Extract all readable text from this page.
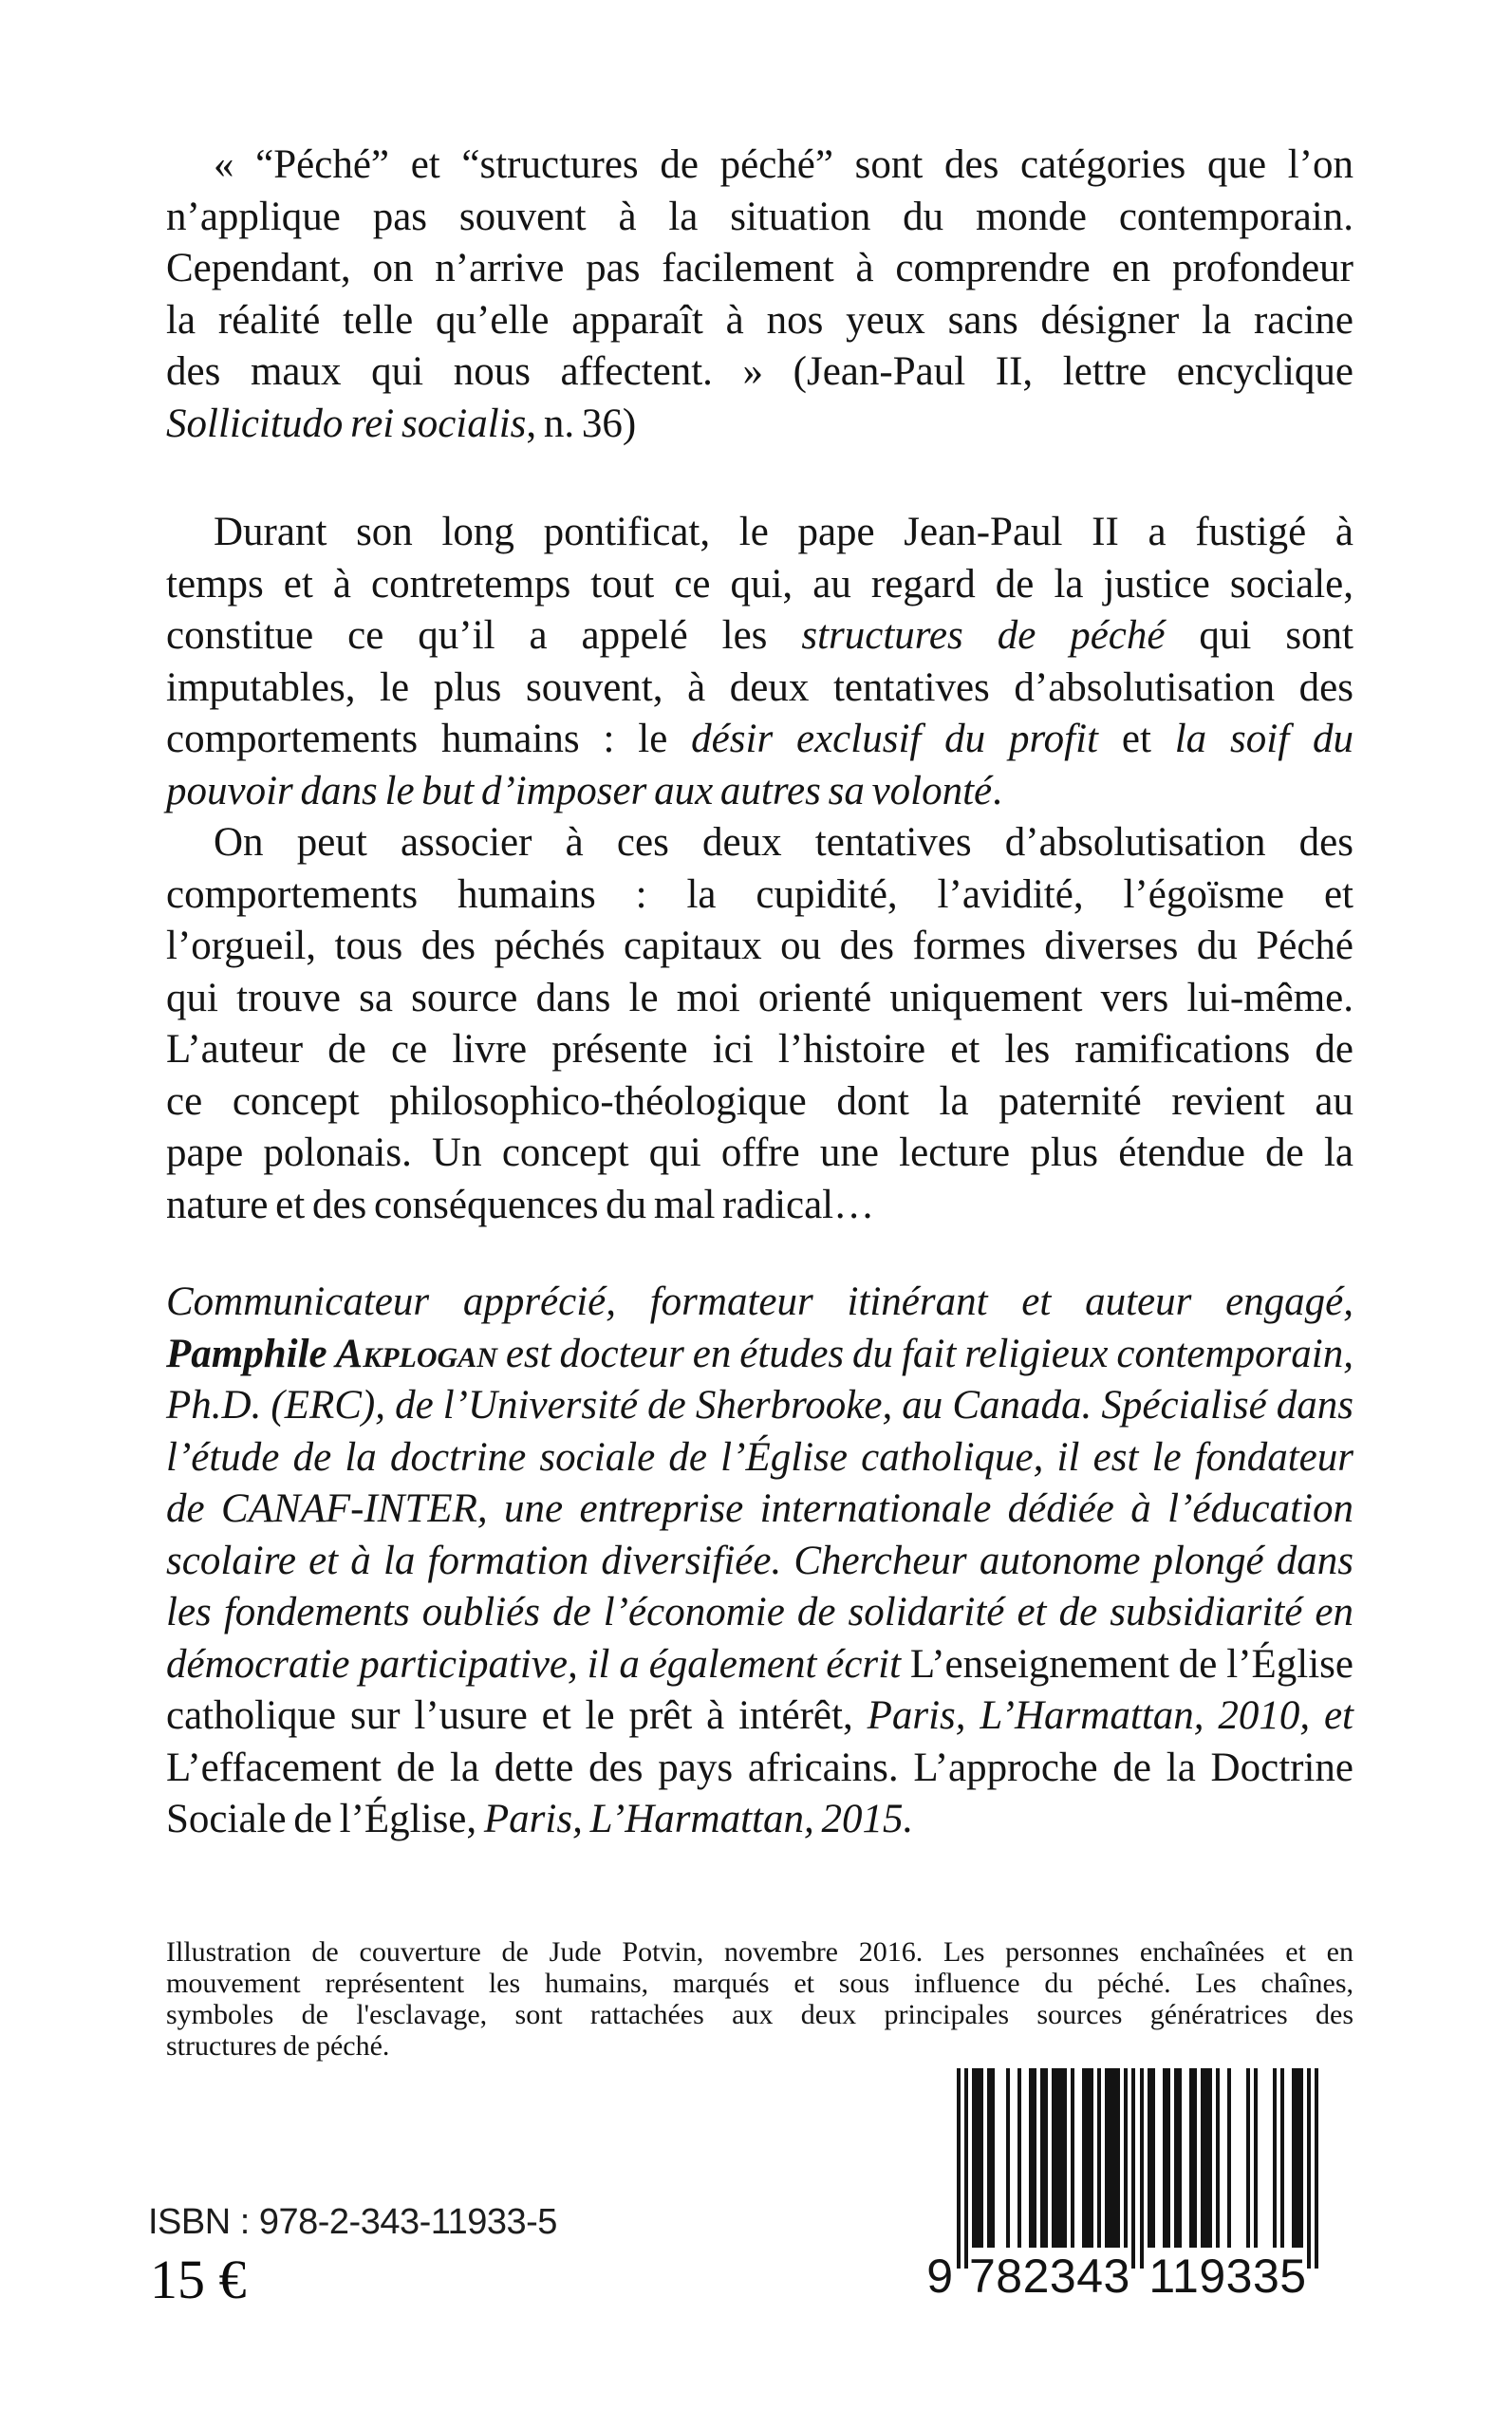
« “Péché” et “structures de péché” sont des catégories que l’on
n’applique pas souvent à la situation du monde contemporain.
Cependant, on n’arrive pas facilement à comprendre en profondeur
la réalité telle qu’elle apparaît à nos yeux sans désigner la racine
des maux qui nous affectent. » (Jean-Paul II, lettre encyclique
Sollicitudo rei socialis, n. 36)
Durant son long pontificat, le pape Jean-Paul II a fustigé à
temps et à contretemps tout ce qui, au regard de la justice sociale,
constitue ce qu’il a appelé les structures de péché qui sont
imputables, le plus souvent, à deux tentatives d’absolutisation des
comportements humains : le désir exclusif du profit et la soif du
pouvoir dans le but d’imposer aux autres sa volonté.
On peut associer à ces deux tentatives d’absolutisation des
comportements humains : la cupidité, l’avidité, l’égoïsme et
l’orgueil, tous des péchés capitaux ou des formes diverses du Péché
qui trouve sa source dans le moi orienté uniquement vers lui-même.
L’auteur de ce livre présente ici l’histoire et les ramifications de
ce concept philosophico-théologique dont la paternité revient au
pape polonais. Un concept qui offre une lecture plus étendue de la
nature et des conséquences du mal radical…
Communicateur apprécié, formateur itinérant et auteur engagé,
Pamphile Akplogan est docteur en études du fait religieux contemporain,
Ph.D. (ERC), de l’Université de Sherbrooke, au Canada. Spécialisé dans
l’étude de la doctrine sociale de l’Église catholique, il est le fondateur
de CANAF-INTER, une entreprise internationale dédiée à l’éducation
scolaire et à la formation diversifiée. Chercheur autonome plongé dans
les fondements oubliés de l’économie de solidarité et de subsidiarité en
démocratie participative, il a également écrit L’enseignement de l’Église
catholique sur l’usure et le prêt à intérêt, Paris, L’Harmattan, 2010, et
L’effacement de la dette des pays africains. L’approche de la Doctrine
Sociale de l’Église, Paris, L’Harmattan, 2015.
Illustration de couverture de Jude Potvin, novembre 2016. Les personnes enchaînées et en
mouvement représentent les humains, marqués et sous influence du péché. Les chaînes,
symboles de l'esclavage, sont rattachées aux deux principales sources génératrices des
structures de péché.
ISBN : 978-2-343-11933-5
15 €	9 782343 119335
